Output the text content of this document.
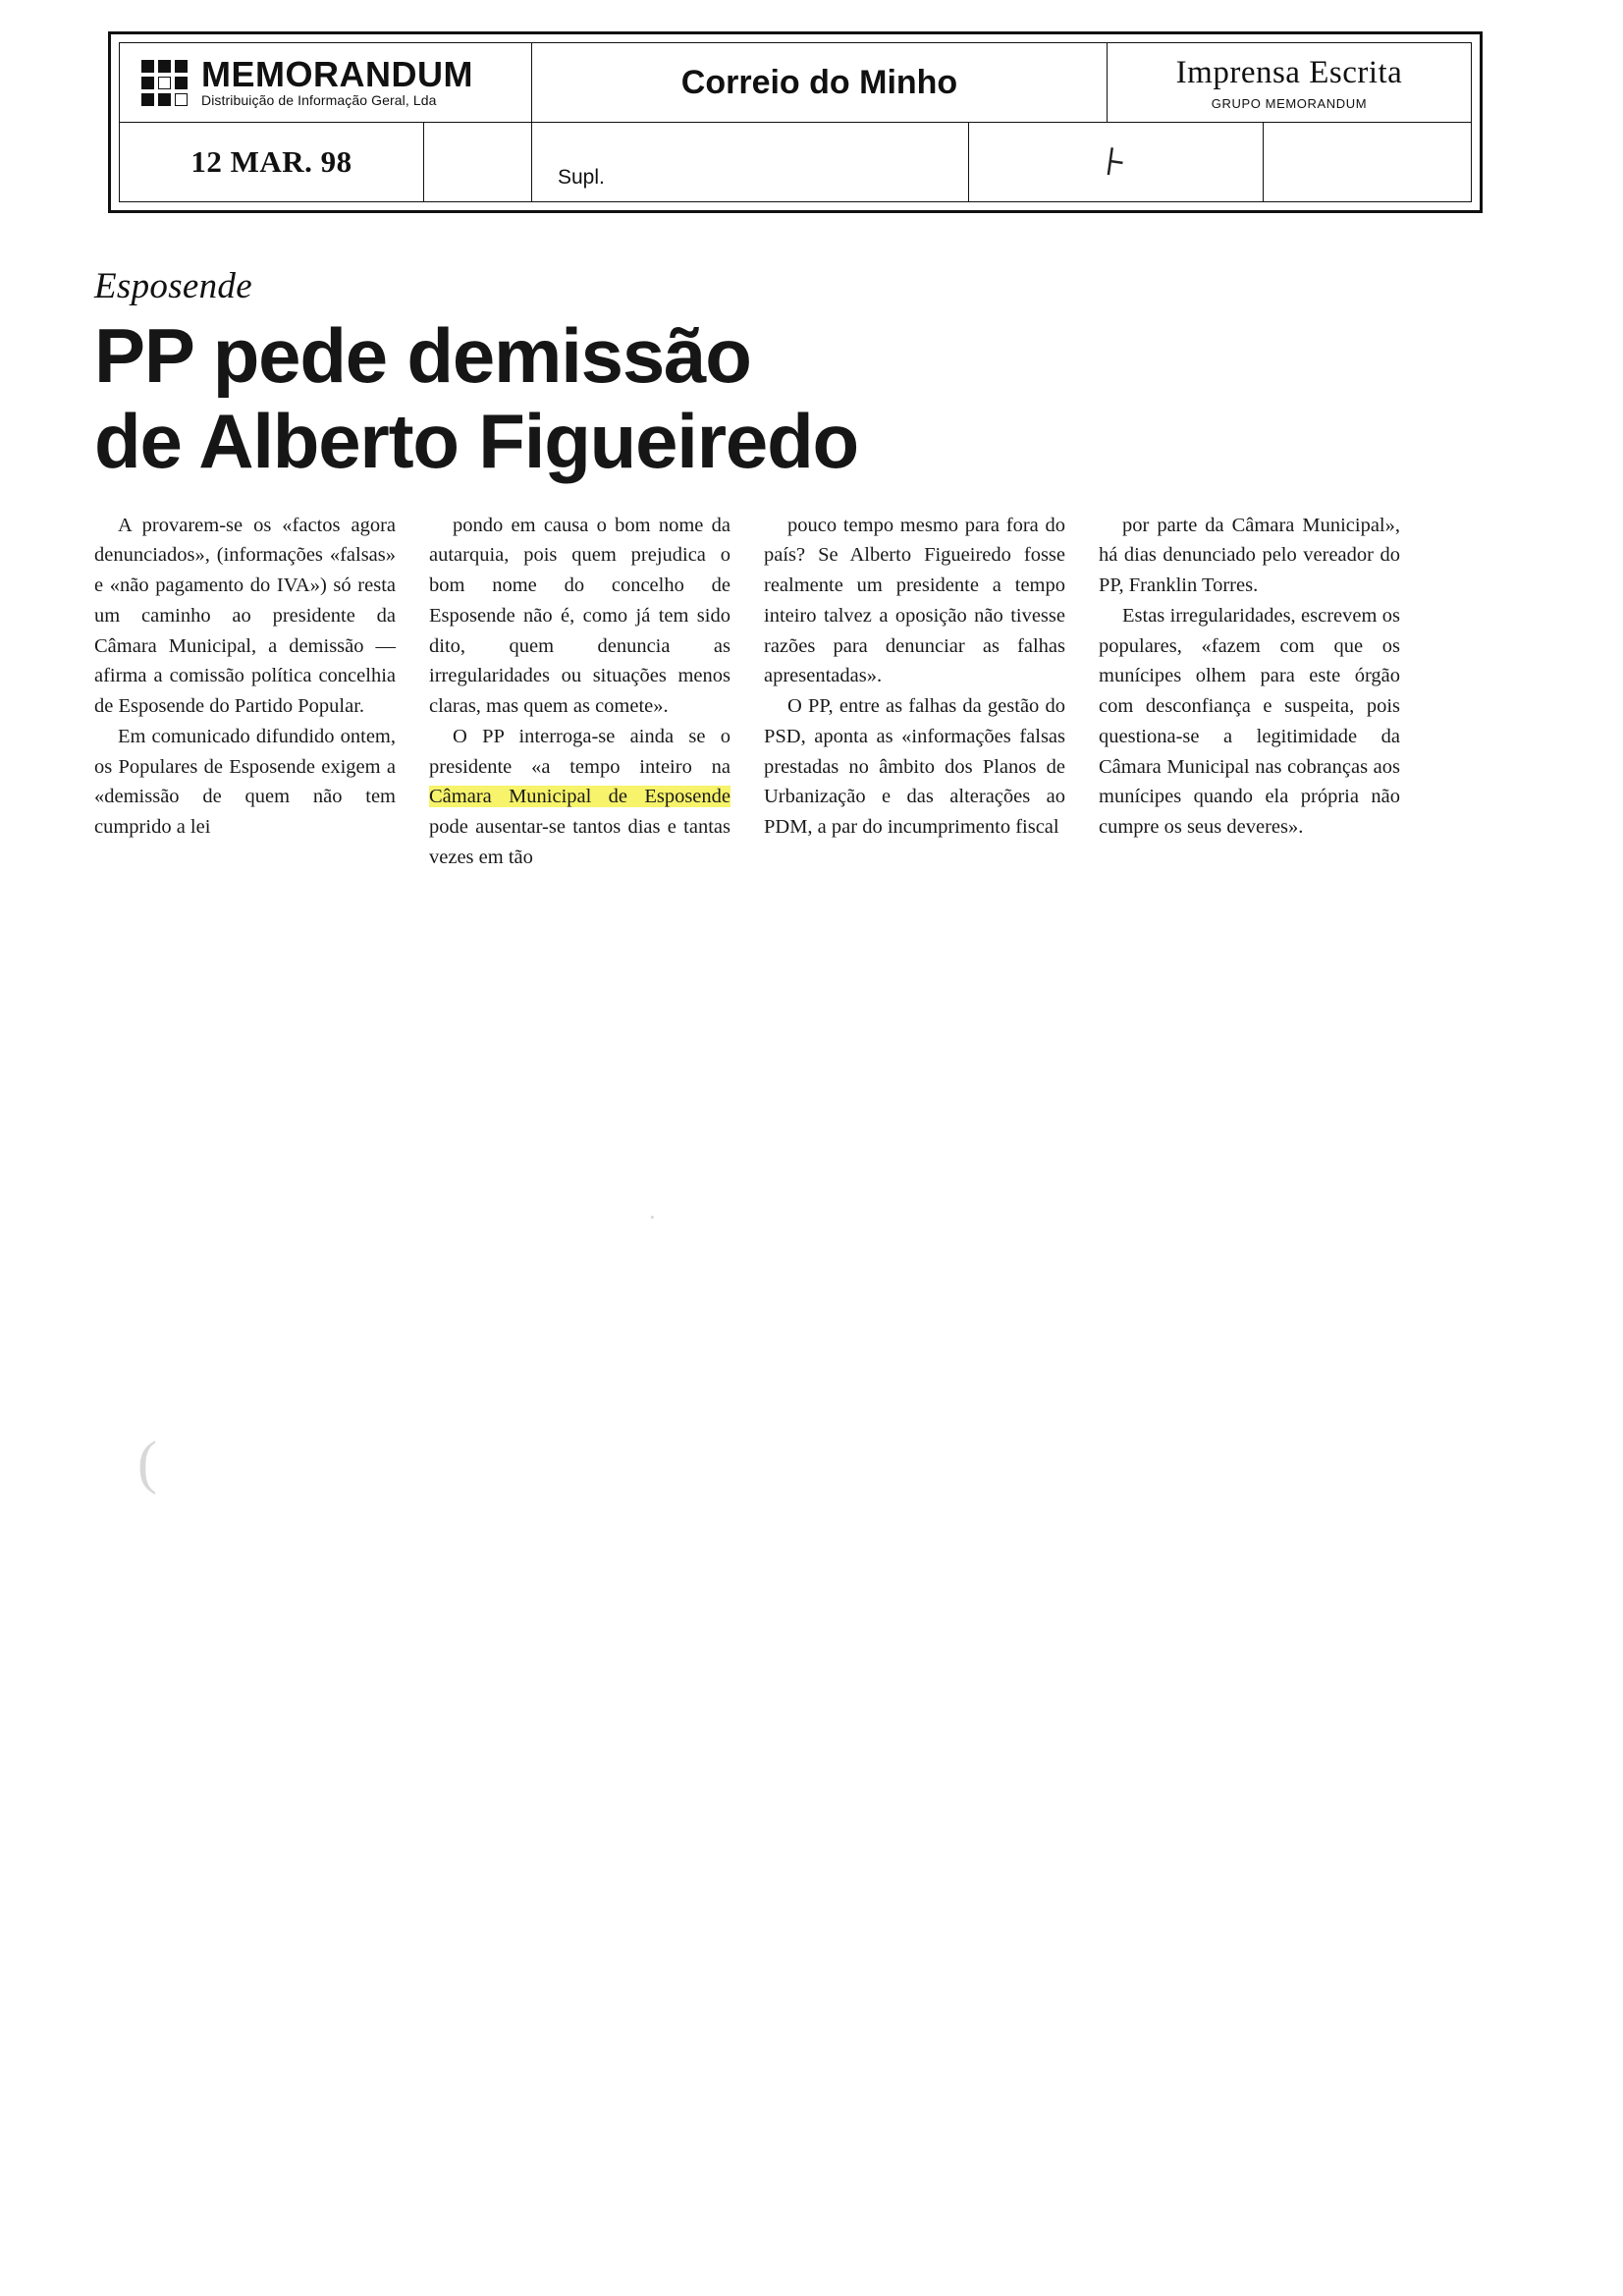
MEMORANDUM
Distribuição de Informação Geral, Lda	Correio do Minho	Imprensa Escrita
GRUPO MEMORANDUM
12 MAR. 98	Supl.	⊦
Esposende
PP pede demissão
de Alberto Figueiredo

A provarem-se os «factos agora denunciados», (informações «falsas» e «não pagamento do IVA») só resta um caminho ao presidente da Câmara Municipal, a demissão — afirma a comissão política concelhia de Esposende do Partido Popular.

Em comunicado difundido ontem, os Populares de Esposende exigem a «demissão de quem não tem cumprido a lei

pondo em causa o bom nome da autarquia, pois quem prejudica o bom nome do concelho de Esposende não é, como já tem sido dito, quem denuncia as irregularidades ou situações menos claras, mas quem as comete».

O PP interroga-se ainda se o presidente «a tempo inteiro na Câmara Municipal de Esposende pode ausentar-se tantos dias e tantas vezes em tão

pouco tempo mesmo para fora do país? Se Alberto Figueiredo fosse realmente um presidente a tempo inteiro talvez a oposição não tivesse razões para denunciar as falhas apresentadas».

O PP, entre as falhas da gestão do PSD, aponta as «informações falsas prestadas no âmbito dos Planos de Urbanização e das alterações ao PDM, a par do incumprimento fiscal

por parte da Câmara Municipal», há dias denunciado pelo vereador do PP, Franklin Torres.

Estas irregularidades, escrevem os populares, «fazem com que os munícipes olhem para este órgão com desconfiança e suspeita, pois questiona-se a legitimidade da Câmara Municipal nas cobranças aos munícipes quando ela própria não cumpre os seus deveres».

·
(
